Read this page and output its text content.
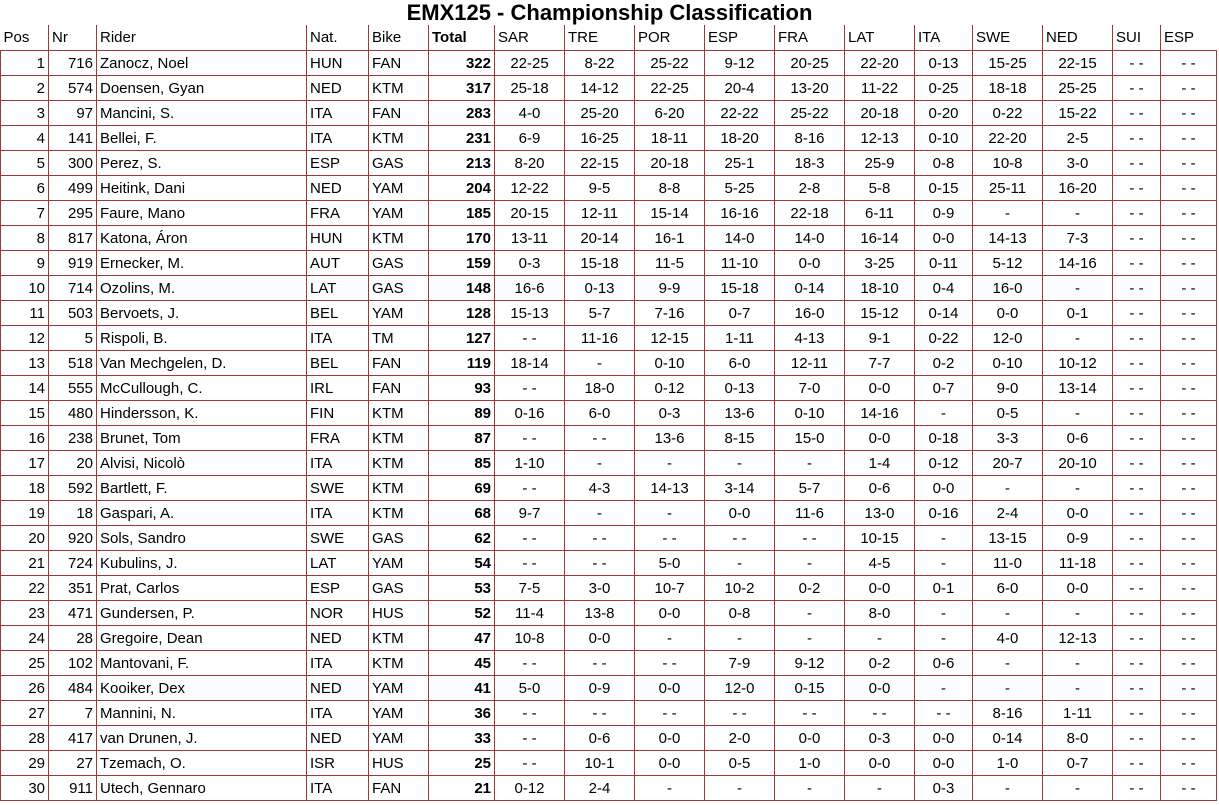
EMX125 - Championship Classification
Pos	Nr	Rider	Nat.	Bike	Total	SAR	TRE	POR	ESP	FRA	LAT	ITA	SWE	NED	SUI	ESP
1	716	Zanocz, Noel	HUN	FAN	322	22-25	8-22	25-22	9-12	20-25	22-20	0-13	15-25	22-15	- -	- -
2	574	Doensen, Gyan	NED	KTM	317	25-18	14-12	22-25	20-4	13-20	11-22	0-25	18-18	25-25	- -	- -
3	97	Mancini, S.	ITA	FAN	283	4-0	25-20	6-20	22-22	25-22	20-18	0-20	0-22	15-22	- -	- -
4	141	Bellei, F.	ITA	KTM	231	6-9	16-25	18-11	18-20	8-16	12-13	0-10	22-20	2-5	- -	- -
5	300	Perez, S.	ESP	GAS	213	8-20	22-15	20-18	25-1	18-3	25-9	0-8	10-8	3-0	- -	- -
6	499	Heitink, Dani	NED	YAM	204	12-22	9-5	8-8	5-25	2-8	5-8	0-15	25-11	16-20	- -	- -
7	295	Faure, Mano	FRA	YAM	185	20-15	12-11	15-14	16-16	22-18	6-11	0-9	-	-	- -	- -
8	817	Katona, Áron	HUN	KTM	170	13-11	20-14	16-1	14-0	14-0	16-14	0-0	14-13	7-3	- -	- -
9	919	Ernecker, M.	AUT	GAS	159	0-3	15-18	11-5	11-10	0-0	3-25	0-11	5-12	14-16	- -	- -
10	714	Ozolins, M.	LAT	GAS	148	16-6	0-13	9-9	15-18	0-14	18-10	0-4	16-0	-	- -	- -
11	503	Bervoets, J.	BEL	YAM	128	15-13	5-7	7-16	0-7	16-0	15-12	0-14	0-0	0-1	- -	- -
12	5	Rispoli, B.	ITA	TM	127	- -	11-16	12-15	1-11	4-13	9-1	0-22	12-0	-	- -	- -
13	518	Van Mechgelen, D.	BEL	FAN	119	18-14	-	0-10	6-0	12-11	7-7	0-2	0-10	10-12	- -	- -
14	555	McCullough, C.	IRL	FAN	93	- -	18-0	0-12	0-13	7-0	0-0	0-7	9-0	13-14	- -	- -
15	480	Hindersson, K.	FIN	KTM	89	0-16	6-0	0-3	13-6	0-10	14-16	-	0-5	-	- -	- -
16	238	Brunet, Tom	FRA	KTM	87	- -	- -	13-6	8-15	15-0	0-0	0-18	3-3	0-6	- -	- -
17	20	Alvisi, Nicolò	ITA	KTM	85	1-10	-	-	-	-	1-4	0-12	20-7	20-10	- -	- -
18	592	Bartlett, F.	SWE	KTM	69	- -	4-3	14-13	3-14	5-7	0-6	0-0	-	-	- -	- -
19	18	Gaspari, A.	ITA	KTM	68	9-7	-	-	0-0	11-6	13-0	0-16	2-4	0-0	- -	- -
20	920	Sols, Sandro	SWE	GAS	62	- -	- -	- -	- -	- -	10-15	-	13-15	0-9	- -	- -
21	724	Kubulins, J.	LAT	YAM	54	- -	- -	5-0	-	-	4-5	-	11-0	11-18	- -	- -
22	351	Prat, Carlos	ESP	GAS	53	7-5	3-0	10-7	10-2	0-2	0-0	0-1	6-0	0-0	- -	- -
23	471	Gundersen, P.	NOR	HUS	52	11-4	13-8	0-0	0-8	-	8-0	-	-	-	- -	- -
24	28	Gregoire, Dean	NED	KTM	47	10-8	0-0	-	-	-	-	-	4-0	12-13	- -	- -
25	102	Mantovani, F.	ITA	KTM	45	- -	- -	- -	7-9	9-12	0-2	0-6	-	-	- -	- -
26	484	Kooiker, Dex	NED	YAM	41	5-0	0-9	0-0	12-0	0-15	0-0	-	-	-	- -	- -
27	7	Mannini, N.	ITA	YAM	36	- -	- -	- -	- -	- -	- -	- -	8-16	1-11	- -	- -
28	417	van Drunen, J.	NED	YAM	33	- -	0-6	0-0	2-0	0-0	0-3	0-0	0-14	8-0	- -	- -
29	27	Tzemach, O.	ISR	HUS	25	- -	10-1	0-0	0-5	1-0	0-0	0-0	1-0	0-7	- -	- -
30	911	Utech, Gennaro	ITA	FAN	21	0-12	2-4	-	-	-	-	0-3	-	-	- -	- -
